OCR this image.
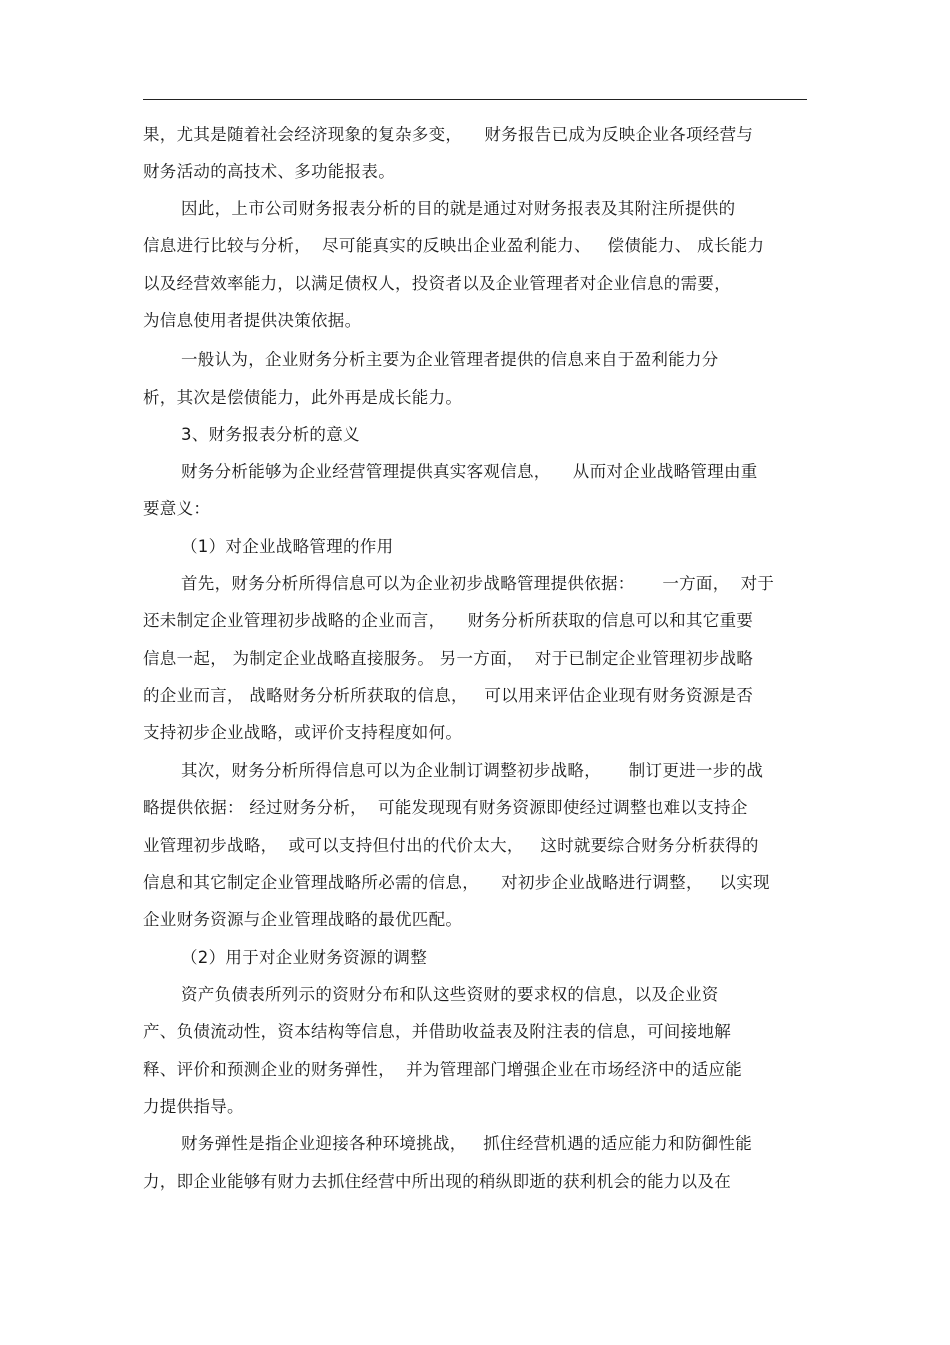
果，尤其是随着社会经济现象的复杂多变，    财务报告已成为反映企业各项经营与
财务活动的高技术、多功能报表。
因此，上市公司财务报表分析的目的就是通过对财务报表及其附注所提供的
信息进行比较与分析，  尽可能真实的反映出企业盈利能力、   偿债能力、 成长能力
以及经营效率能力，以满足债权人，投资者以及企业管理者对企业信息的需要，
为信息使用者提供决策依据。
一般认为，企业财务分析主要为企业管理者提供的信息来自于盈利能力分
析，其次是偿债能力，此外再是成长能力。
3、财务报表分析的意义
财务分析能够为企业经营管理提供真实客观信息，    从而对企业战略管理由重
要意义：
（1）对企业战略管理的作用
首先，财务分析所得信息可以为企业初步战略管理提供依据：     一方面，  对于
还未制定企业管理初步战略的企业而言，    财务分析所获取的信息可以和其它重要
信息一起， 为制定企业战略直接服务。 另一方面，  对于已制定企业管理初步战略
的企业而言， 战略财务分析所获取的信息，   可以用来评估企业现有财务资源是否
支持初步企业战略，或评价支持程度如何。
其次，财务分析所得信息可以为企业制订调整初步战略，     制订更进一步的战
略提供依据： 经过财务分析，  可能发现现有财务资源即使经过调整也难以支持企
业管理初步战略，  或可以支持但付出的代价太大，   这时就要综合财务分析获得的
信息和其它制定企业管理战略所必需的信息，    对初步企业战略进行调整，   以实现
企业财务资源与企业管理战略的最优匹配。
（2）用于对企业财务资源的调整
资产负债表所列示的资财分布和队这些资财的要求权的信息，以及企业资
产、负债流动性，资本结构等信息，并借助收益表及附注表的信息，可间接地解
释、评价和预测企业的财务弹性，  并为管理部门增强企业在市场经济中的适应能
力提供指导。
财务弹性是指企业迎接各种环境挑战，   抓住经营机遇的适应能力和防御性能
力，即企业能够有财力去抓住经营中所出现的稍纵即逝的获利机会的能力以及在
